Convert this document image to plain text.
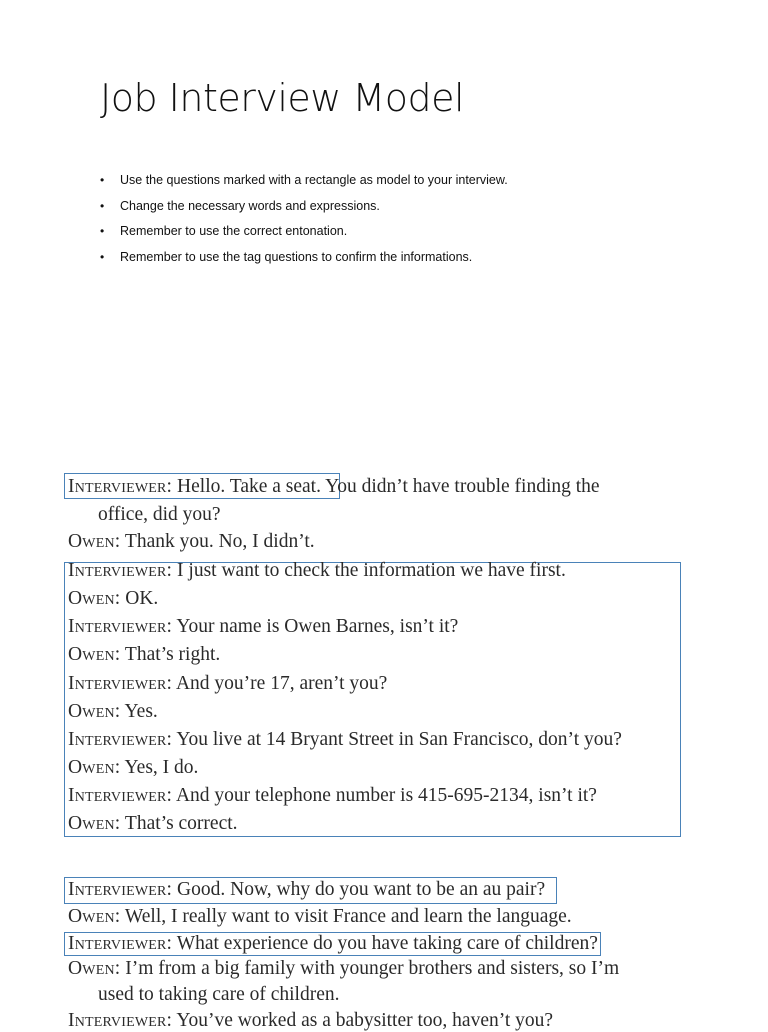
Job Interview Model
• Use the questions marked with a rectangle as model to your interview.
• Change the necessary words and expressions.
• Remember to use the correct entonation.
• Remember to use the tag questions to confirm the informations.
Interviewer: Hello. Take a seat. You didn’t have trouble finding the
office, did you?
Owen: Thank you. No, I didn’t.
Interviewer: I just want to check the information we have first.
Owen: OK.
Interviewer: Your name is Owen Barnes, isn’t it?
Owen: That’s right.
Interviewer: And you’re 17, aren’t you?
Owen: Yes.
Interviewer: You live at 14 Bryant Street in San Francisco, don’t you?
Owen: Yes, I do.
Interviewer: And your telephone number is 415-695-2134, isn’t it?
Owen: That’s correct.
Interviewer: Good. Now, why do you want to be an au pair?
Owen: Well, I really want to visit France and learn the language.
Interviewer: What experience do you have taking care of children?
Owen: I’m from a big family with younger brothers and sisters, so I’m
used to taking care of children.
Interviewer: You’ve worked as a babysitter too, haven’t you?
